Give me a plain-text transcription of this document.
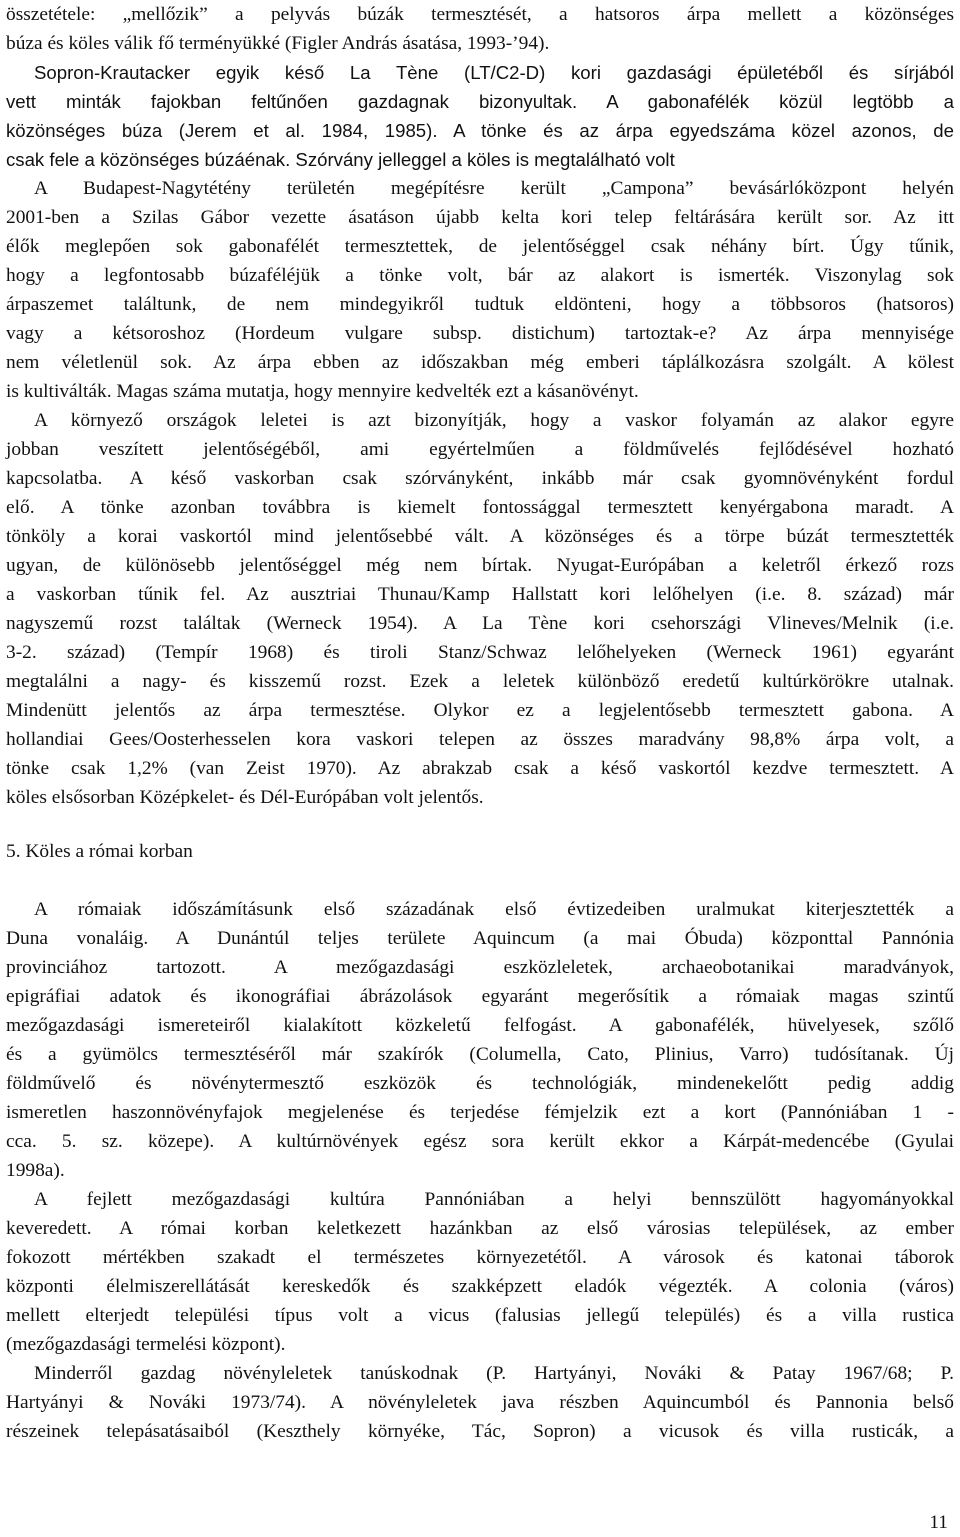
összetétele: „mellőzik” a pelyvás búzák termesztését, a hatsoros árpa mellett a közönséges
búza és köles válik fő terményükké (Figler András ásatása, 1993-’94).
Sopron-Krautacker egyik késő La Tène (LT/C2-D) kori gazdasági épületéből és sírjából
vett minták fajokban feltűnően gazdagnak bizonyultak. A gabonafélék közül legtöbb a
közönséges búza (Jerem et al. 1984, 1985). A tönke és az árpa egyedszáma közel azonos, de
csak fele a közönséges búzáénak. Szórvány jelleggel a köles is megtalálható volt
A Budapest-Nagytétény területén megépítésre került „Campona” bevásárlóközpont helyén
2001-ben a Szilas Gábor vezette ásatáson újabb kelta kori telep feltárására került sor. Az itt
élők meglepően sok gabonafélét termesztettek, de jelentőséggel csak néhány bírt. Úgy tűnik,
hogy a legfontosabb búzaféléjük a tönke volt, bár az alakort is ismerték. Viszonylag sok
árpaszemet találtunk, de nem mindegyikről tudtuk eldönteni, hogy a többsoros (hatsoros)
vagy a kétsoroshoz (Hordeum vulgare subsp. distichum) tartoztak-e? Az árpa mennyisége
nem véletlenül sok. Az árpa ebben az időszakban még emberi táplálkozásra szolgált. A kölest
is kultiválták. Magas száma mutatja, hogy mennyire kedvelték ezt a kásanövényt.
A környező országok leletei is azt bizonyítják, hogy a vaskor folyamán az alakor egyre
jobban veszített jelentőségéből, ami egyértelműen a földművelés fejlődésével hozható
kapcsolatba. A késő vaskorban csak szórványként, inkább már csak gyomnövényként fordul
elő. A tönke azonban továbbra is kiemelt fontossággal termesztett kenyérgabona maradt. A
tönköly a korai vaskortól mind jelentősebbé vált. A közönséges és a törpe búzát termesztették
ugyan, de különösebb jelentőséggel még nem bírtak. Nyugat-Európában a keletről érkező rozs
a vaskorban tűnik fel. Az ausztriai Thunau/Kamp Hallstatt kori lelőhelyen (i.e. 8. század) már
nagyszemű rozst találtak (Werneck 1954). A La Tène kori csehországi Vlineves/Melnik (i.e.
3-2. század) (Tempír 1968) és tiroli Stanz/Schwaz lelőhelyeken (Werneck 1961) egyaránt
megtalálni a nagy- és kisszemű rozst. Ezek a leletek különböző eredetű kultúrkörökre utalnak.
Mindenütt jelentős az árpa termesztése. Olykor ez a legjelentősebb termesztett gabona. A
hollandiai Gees/Oosterhesselen kora vaskori telepen az összes maradvány 98,8% árpa volt, a
tönke csak 1,2% (van Zeist 1970). Az abrakzab csak a késő vaskortól kezdve termesztett. A
köles elsősorban Középkelet- és Dél-Európában volt jelentős.
5. Köles a római korban
A rómaiak időszámításunk első századának első évtizedeiben uralmukat kiterjesztették a
Duna vonaláig. A Dunántúl teljes területe Aquincum (a mai Óbuda) központtal Pannónia
provinciához tartozott. A mezőgazdasági eszközleletek, archaeobotanikai maradványok,
epigráfiai adatok és ikonográfiai ábrázolások egyaránt megerősítik a rómaiak magas szintű
mezőgazdasági ismereteiről kialakított közkeletű felfogást. A gabonafélék, hüvelyesek, szőlő
és a gyümölcs termesztéséről már szakírók (Columella, Cato, Plinius, Varro) tudósítanak. Új
földművelő és növénytermesztő eszközök és technológiák, mindenekelőtt pedig addig
ismeretlen haszonnövényfajok megjelenése és terjedése fémjelzik ezt a kort (Pannóniában 1 -
cca. 5. sz. közepe). A kultúrnövények egész sora került ekkor a Kárpát-medencébe (Gyulai
1998a).
A fejlett mezőgazdasági kultúra Pannóniában a helyi bennszülött hagyományokkal
keveredett. A római korban keletkezett hazánkban az első városias települések, az ember
fokozott mértékben szakadt el természetes környezetétől. A városok és katonai táborok
központi élelmiszerellátását kereskedők és szakképzett eladók végezték. A colonia (város)
mellett elterjedt települési típus volt a vicus (falusias jellegű település) és a villa rustica
(mezőgazdasági termelési központ).
Minderről gazdag növényleletek tanúskodnak (P. Hartyányi, Nováki & Patay 1967/68; P.
Hartyányi & Nováki 1973/74). A növényleletek java részben Aquincumból és Pannonia belső
részeinek telepásatásaiból (Keszthely környéke, Tác, Sopron) a vicusok és villa rusticák, a
11
